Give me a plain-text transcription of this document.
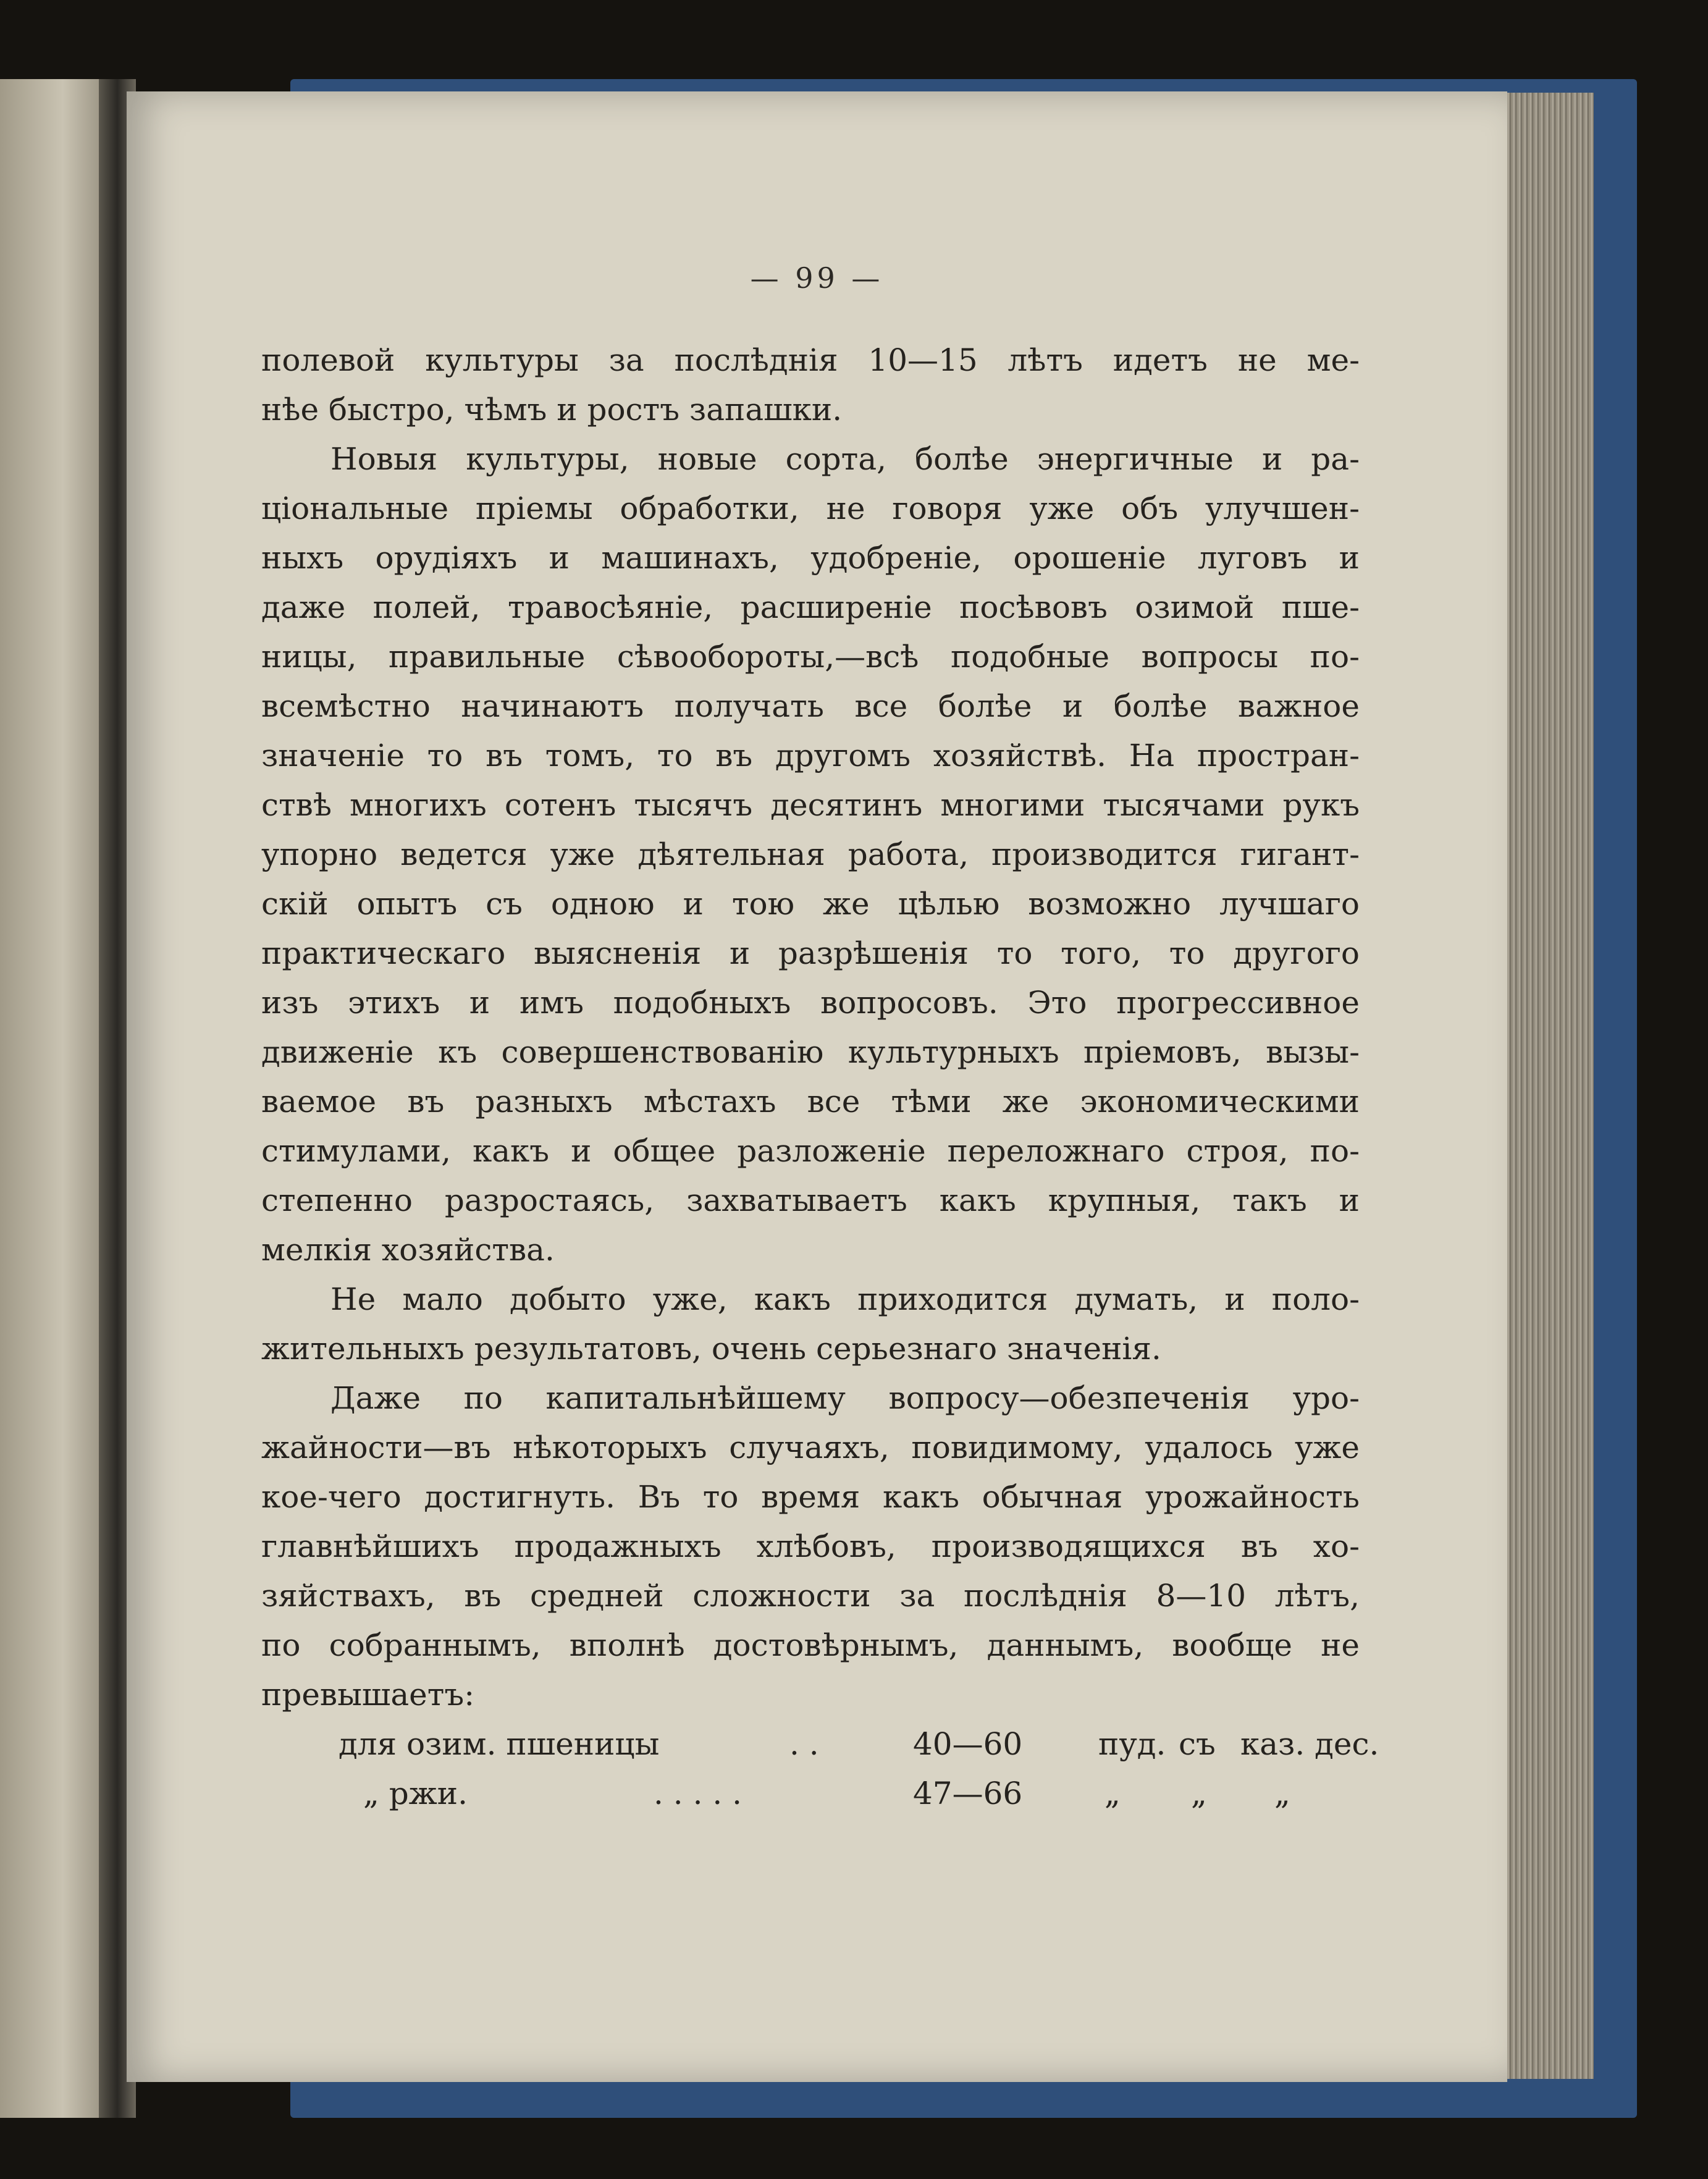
— 99 —
полевой культуры за послѣднія 10—15 лѣтъ идетъ не ме-
нѣе быстро, чѣмъ и ростъ запашки.
Новыя культуры, новые сорта, болѣе энергичные и ра-
ціональные пріемы обработки, не говоря уже объ улучшен-
ныхъ орудіяхъ и машинахъ, удобреніе, орошеніе луговъ и
даже полей, травосѣяніе, расширеніе посѣвовъ озимой пше-
ницы, правильные сѣвообороты,—всѣ подобные вопросы по-
всемѣстно начинаютъ получать все болѣе и болѣе важное
значеніе то въ томъ, то въ другомъ хозяйствѣ. На простран-
ствѣ многихъ сотенъ тысячъ десятинъ многими тысячами рукъ
упорно ведется уже дѣятельная работа, производится гигант-
скій опытъ съ одною и тою же цѣлью возможно лучшаго
практическаго выясненія и разрѣшенія то того, то другого
изъ этихъ и имъ подобныхъ вопросовъ. Это прогрессивное
движеніе къ совершенствованію культурныхъ пріемовъ, вызы-
ваемое въ разныхъ мѣстахъ все тѣми же экономическими
стимулами, какъ и общее разложеніе переложнаго строя, по-
степенно разростаясь, захватываетъ какъ крупныя, такъ и
мелкія хозяйства.
Не мало добыто уже, какъ приходится думать, и поло-
жительныхъ результатовъ, очень серьезнаго значенія.
Даже по капитальнѣйшему вопросу—обезпеченія уро-
жайности—въ нѣкоторыхъ случаяхъ, повидимому, удалось уже
кое-чего достигнуть. Въ то время какъ обычная урожайность
главнѣйшихъ продажныхъ хлѣбовъ, производящихся въ хо-
зяйствахъ, въ средней сложности за послѣднія 8—10 лѣтъ,
по собраннымъ, вполнѣ достовѣрнымъ, даннымъ, вообще не
превышаетъ:
для озим. пшеницы	. .	40—60 пуд. съ каз. дес.
„ ржи.	. . . . .	47—66	„ „ „
